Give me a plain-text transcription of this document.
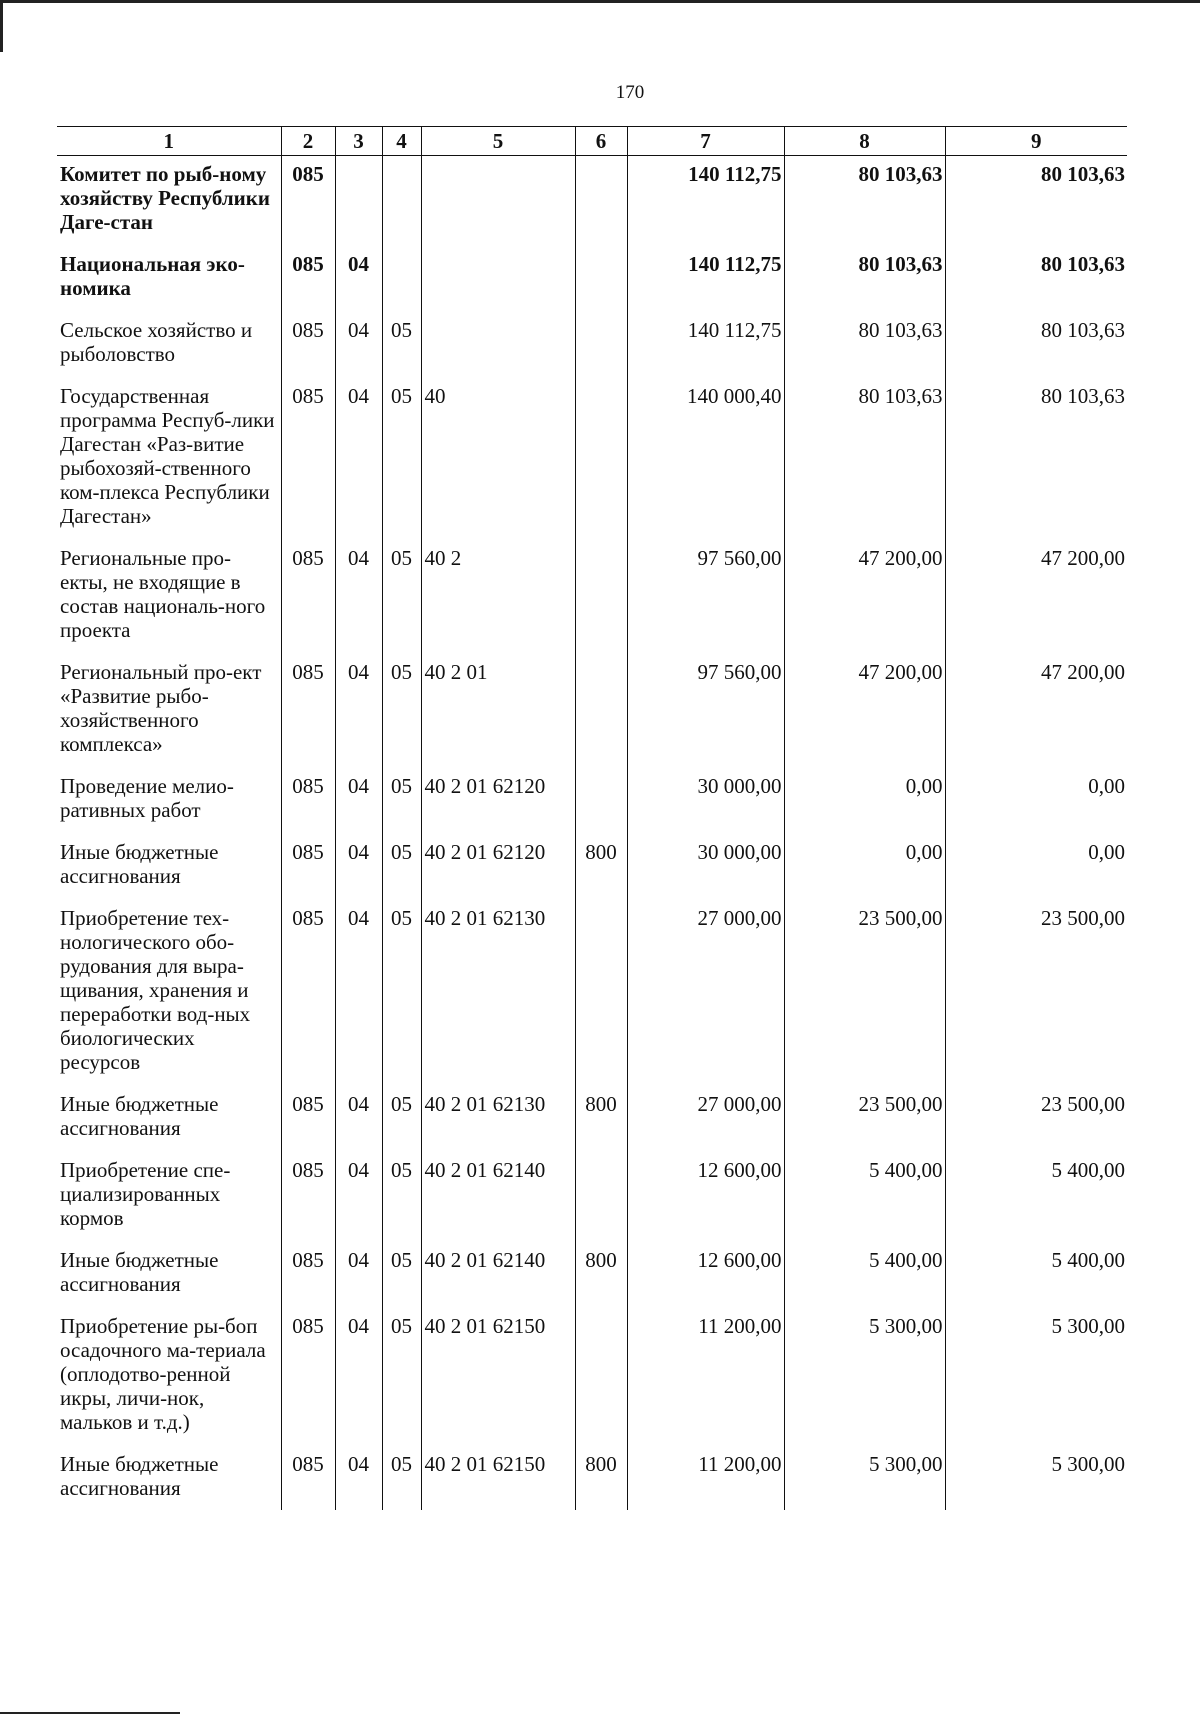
170
1	2	3	4	5	6	7	8	9
Комитет по рыб-ному хозяйству Республики Даге-стан	085					140 112,75	80 103,63	80 103,63
Национальная эко-номика	085	04				140 112,75	80 103,63	80 103,63
Сельское хозяйство и рыболовство	085	04	05			140 112,75	80 103,63	80 103,63
Государственная программа Респуб-лики Дагестан «Раз-витие рыбохозяй-ственного ком-плекса Республики Дагестан»	085	04	05	40		140 000,40	80 103,63	80 103,63
Региональные про-екты, не входящие в состав националь-ного проекта	085	04	05	40 2		97 560,00	47 200,00	47 200,00
Региональный про-ект «Развитие рыбо-хозяйственного комплекса»	085	04	05	40 2 01		97 560,00	47 200,00	47 200,00
Проведение мелио-ративных работ	085	04	05	40 2 01 62120		30 000,00	0,00	0,00
Иные бюджетные ассигнования	085	04	05	40 2 01 62120	800	30 000,00	0,00	0,00
Приобретение тех-нологического обо-рудования для выра-щивания, хранения и переработки вод-ных биологических ресурсов	085	04	05	40 2 01 62130		27 000,00	23 500,00	23 500,00
Иные бюджетные ассигнования	085	04	05	40 2 01 62130	800	27 000,00	23 500,00	23 500,00
Приобретение спе-циализированных кормов	085	04	05	40 2 01 62140		12 600,00	5 400,00	5 400,00
Иные бюджетные ассигнования	085	04	05	40 2 01 62140	800	12 600,00	5 400,00	5 400,00
Приобретение ры-боп осадочного ма-териала (оплодотво-ренной икры, личи-нок, мальков и т.д.)	085	04	05	40 2 01 62150		11 200,00	5 300,00	5 300,00
Иные бюджетные ассигнования	085	04	05	40 2 01 62150	800	11 200,00	5 300,00	5 300,00
